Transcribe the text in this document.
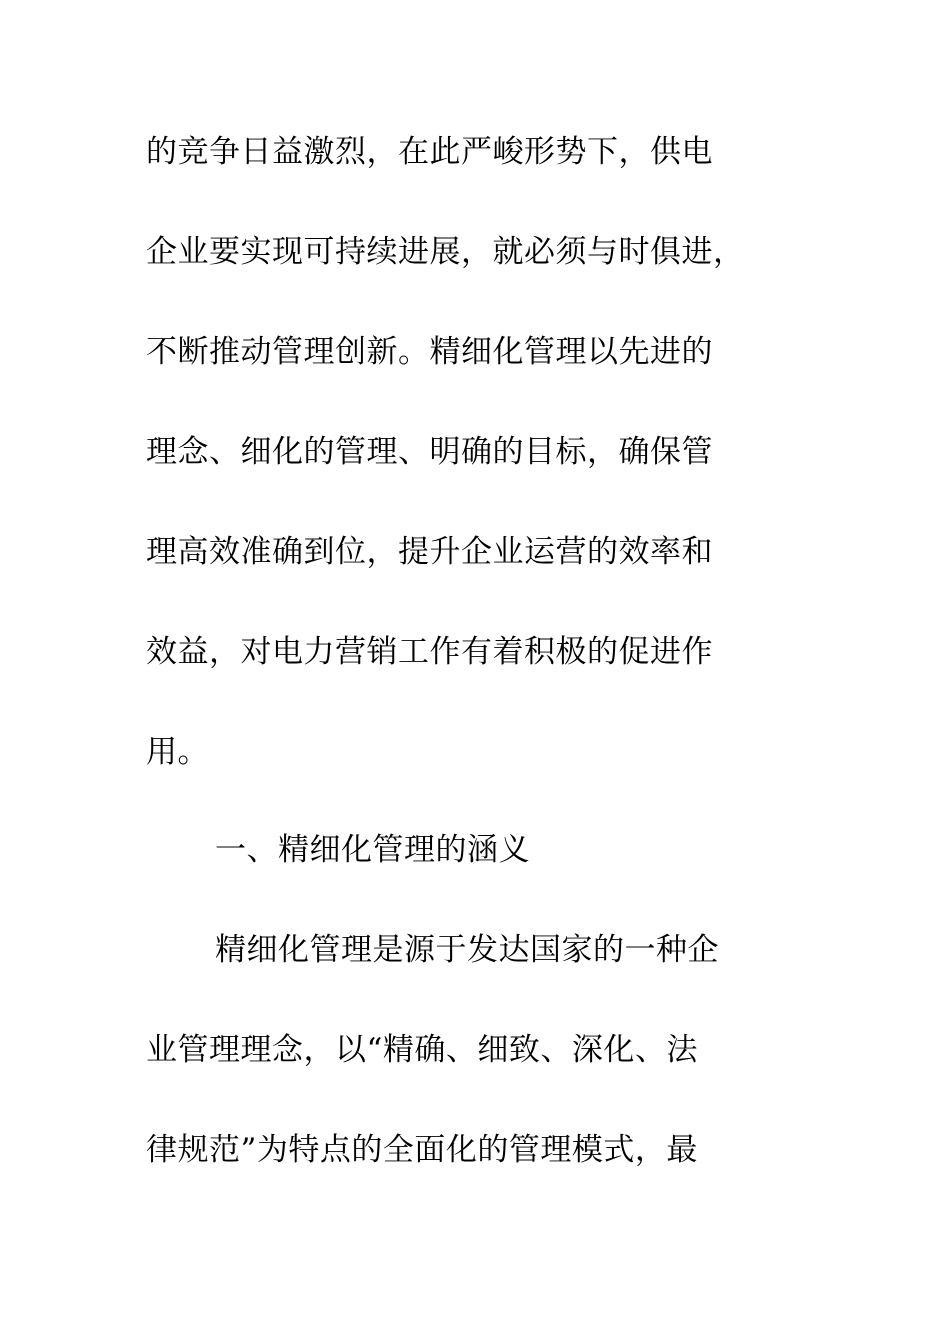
的竞争日益激烈，在此严峻形势下，供电
企业要实现可持续进展，就必须与时俱进，
不断推动管理创新。精细化管理以先进的
理念、细化的管理、明确的目标，确保管
理高效准确到位，提升企业运营的效率和
效益，对电力营销工作有着积极的促进作
用。
一、精细化管理的涵义
精细化管理是源于发达国家的一种企
业管理理念，以“精确、细致、深化、法
律规范”为特点的全面化的管理模式，最
